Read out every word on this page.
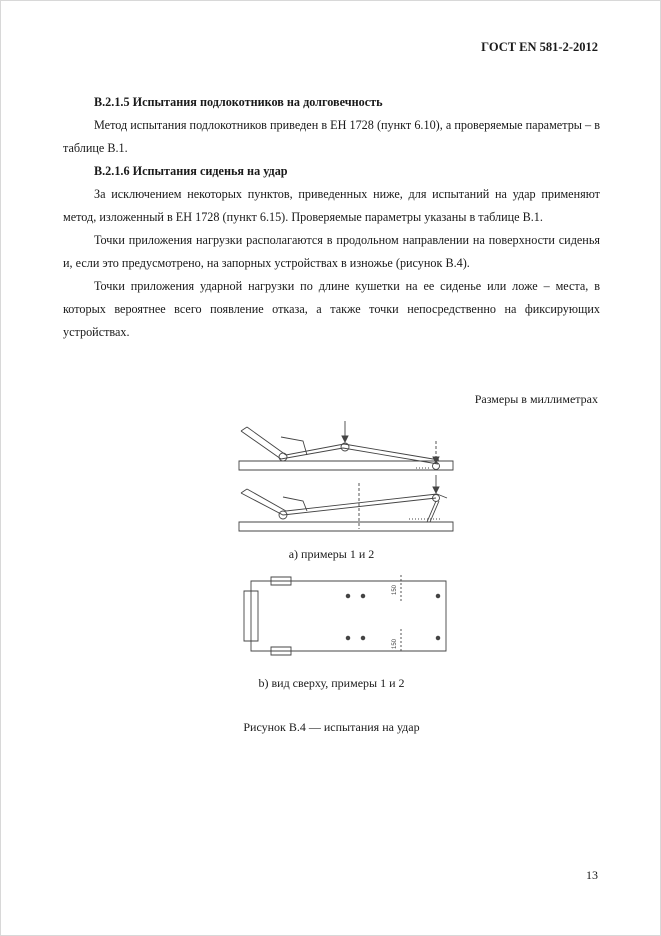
ГОСТ EN 581-2-2012
B.2.1.5 Испытания подлокотников на долговечность

Метод испытания подлокотников приведен в ЕН 1728 (пункт 6.10), а проверяемые параметры – в таблице B.1.

B.2.1.6 Испытания сиденья на удар

За исключением некоторых пунктов, приведенных ниже, для испытаний на удар применяют метод, изложенный в ЕН 1728 (пункт 6.15). Проверяемые параметры указаны в таблице B.1.

Точки приложения нагрузки располагаются в продольном направлении на поверхности сиденья и, если это предусмотрено, на запорных устройствах в изножье (рисунок B.4).

Точки приложения ударной нагрузки по длине кушетки на ее сиденье или ложе – места, в которых вероятнее всего появление отказа, а также точки непосредственно на фиксирующих устройствах.

Размеры в миллиметрах
a) примеры 1 и 2
150
150
b) вид сверху, примеры 1 и 2
Рисунок B.4 — испытания на удар
13
